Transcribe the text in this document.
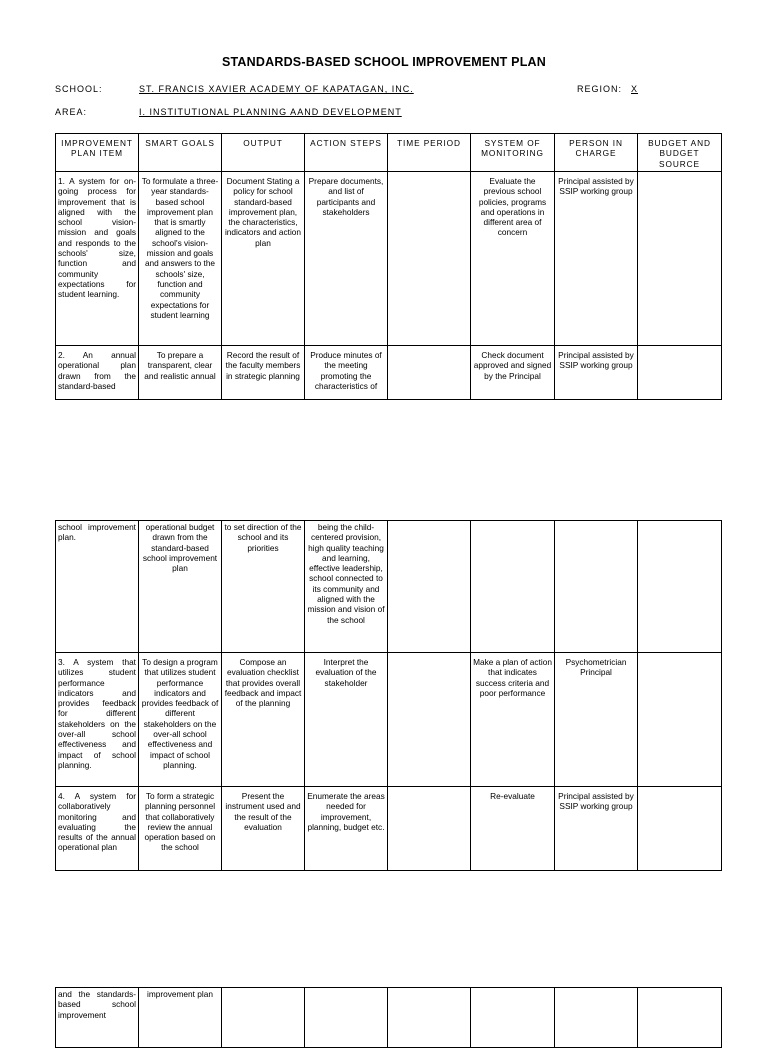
STANDARDS-BASED SCHOOL IMPROVEMENT PLAN
SCHOOL:	ST. FRANCIS XAVIER ACADEMY OF KAPATAGAN, INC.	REGION: X
AREA:	I. INSTITUTIONAL PLANNING AAND DEVELOPMENT
IMPROVEMENT PLAN ITEM	SMART GOALS	OUTPUT	ACTION STEPS	TIME PERIOD	SYSTEM OF MONITORING	PERSON IN CHARGE	BUDGET AND BUDGET SOURCE
1. A system for on-going process for improvement that is aligned with the school vision-mission and goals and responds to the schools' size, function and community expectations for student learning.	To formulate a three-year standards-based school improvement plan that is smartly aligned to the school's vision-mission and goals and answers to the schools' size, function and community expectations for student learning	Document Stating a policy for school standard-based improvement plan, the characteristics, indicators and action plan	Prepare documents, and list of participants and stakeholders		Evaluate the previous school policies, programs and operations in different area of concern	Principal assisted by SSIP working group	
2. An annual operational plan drawn from the standard-based	To prepare a transparent, clear and realistic annual	Record the result of the faculty members in strategic planning	Produce minutes of the meeting promoting the characteristics of		Check document approved and signed by the Principal	Principal assisted by SSIP working group	
school improvement plan.	operational budget drawn from the standard-based school improvement plan	to set direction of the school and its priorities	being the child-centered provision, high quality teaching and learning, effective leadership, school connected to its community and aligned with the mission and vision of the school				
3. A system that utilizes student performance indicators and provides feedback for different stakeholders on the over-all school effectiveness and impact of school planning.	To design a program that utilizes student performance indicators and provides feedback of different stakeholders on the over-all school effectiveness and impact of school planning.	Compose an evaluation checklist that provides overall feedback and impact of the planning	Interpret the evaluation of the stakeholder		Make a plan of action that indicates success criteria and poor performance	Psychometrician Principal	
4. A system for collaboratively monitoring and evaluating the results of the annual operational plan	To form a strategic planning personnel that collaboratively review the annual operation based on the school	Present the instrument used and the result of the evaluation	Enumerate the areas needed for improvement, planning, budget etc.		Re-evaluate	Principal assisted by SSIP working group	
and the standards-based school improvement	improvement plan						
